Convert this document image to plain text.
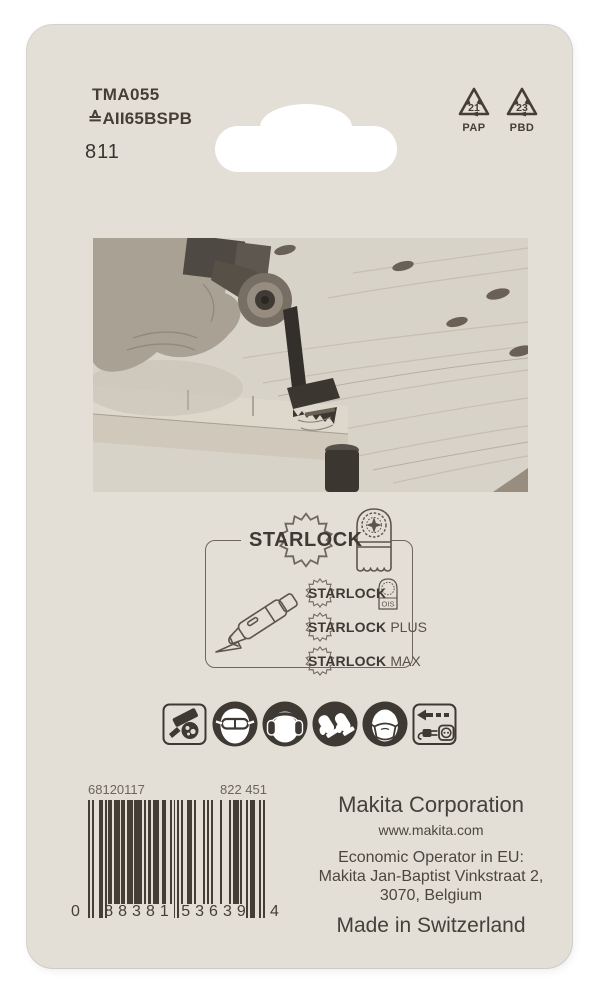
TMA055
≙AII65BSPB
811
21
PAP
23
PBD
STARLOCK
STARLOCK
STARLOCK PLUS
STARLOCK MAX
OIS
68120117	822 451
0 88381 53639 4
Makita Corporation
www.makita.com
Economic Operator in EU:
Makita Jan-Baptist Vinkstraat 2,
3070, Belgium
Made in Switzerland
